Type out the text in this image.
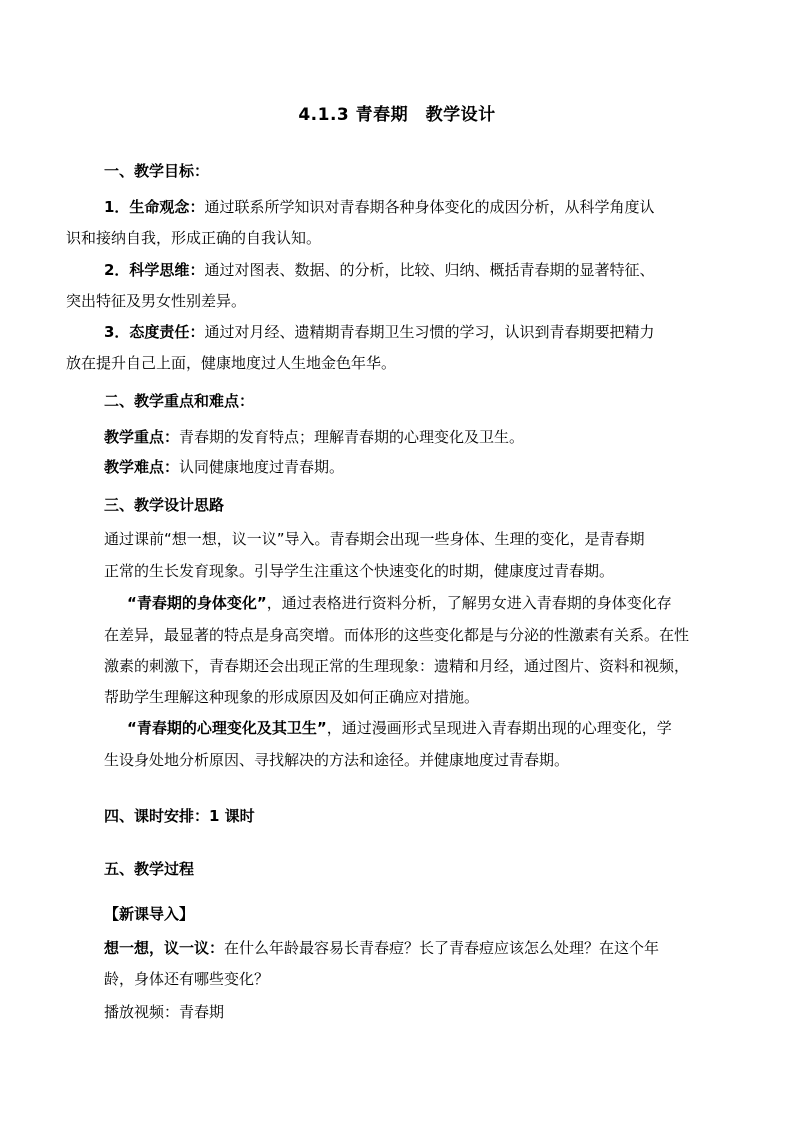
4.1.3 青春期　教学设计
一、教学目标：
1．生命观念：通过联系所学知识对青春期各种身体变化的成因分析，从科学角度认
识和接纳自我，形成正确的自我认知。
2．科学思维：通过对图表、数据、的分析，比较、归纳、概括青春期的显著特征、
突出特征及男女性别差异。
3．态度责任：通过对月经、遗精期青春期卫生习惯的学习，认识到青春期要把精力
放在提升自己上面，健康地度过人生地金色年华。
二、教学重点和难点：
教学重点：青春期的发育特点；理解青春期的心理变化及卫生。
教学难点：认同健康地度过青春期。
三、教学设计思路
通过课前“想一想，议一议”导入。青春期会出现一些身体、生理的变化，是青春期
正常的生长发育现象。引导学生注重这个快速变化的时期，健康度过青春期。
“青春期的身体变化”，通过表格进行资料分析，了解男女进入青春期的身体变化存
在差异，最显著的特点是身高突增。而体形的这些变化都是与分泌的性激素有关系。在性
激素的刺激下，青春期还会出现正常的生理现象：遗精和月经，通过图片、资料和视频，
帮助学生理解这种现象的形成原因及如何正确应对措施。
“青春期的心理变化及其卫生”，通过漫画形式呈现进入青春期出现的心理变化，学
生设身处地分析原因、寻找解决的方法和途径。并健康地度过青春期。
四、课时安排：1 课时
五、教学过程
【新课导入】
想一想，议一议：在什么年龄最容易长青春痘？长了青春痘应该怎么处理？在这个年
龄，身体还有哪些变化？
播放视频：青春期
